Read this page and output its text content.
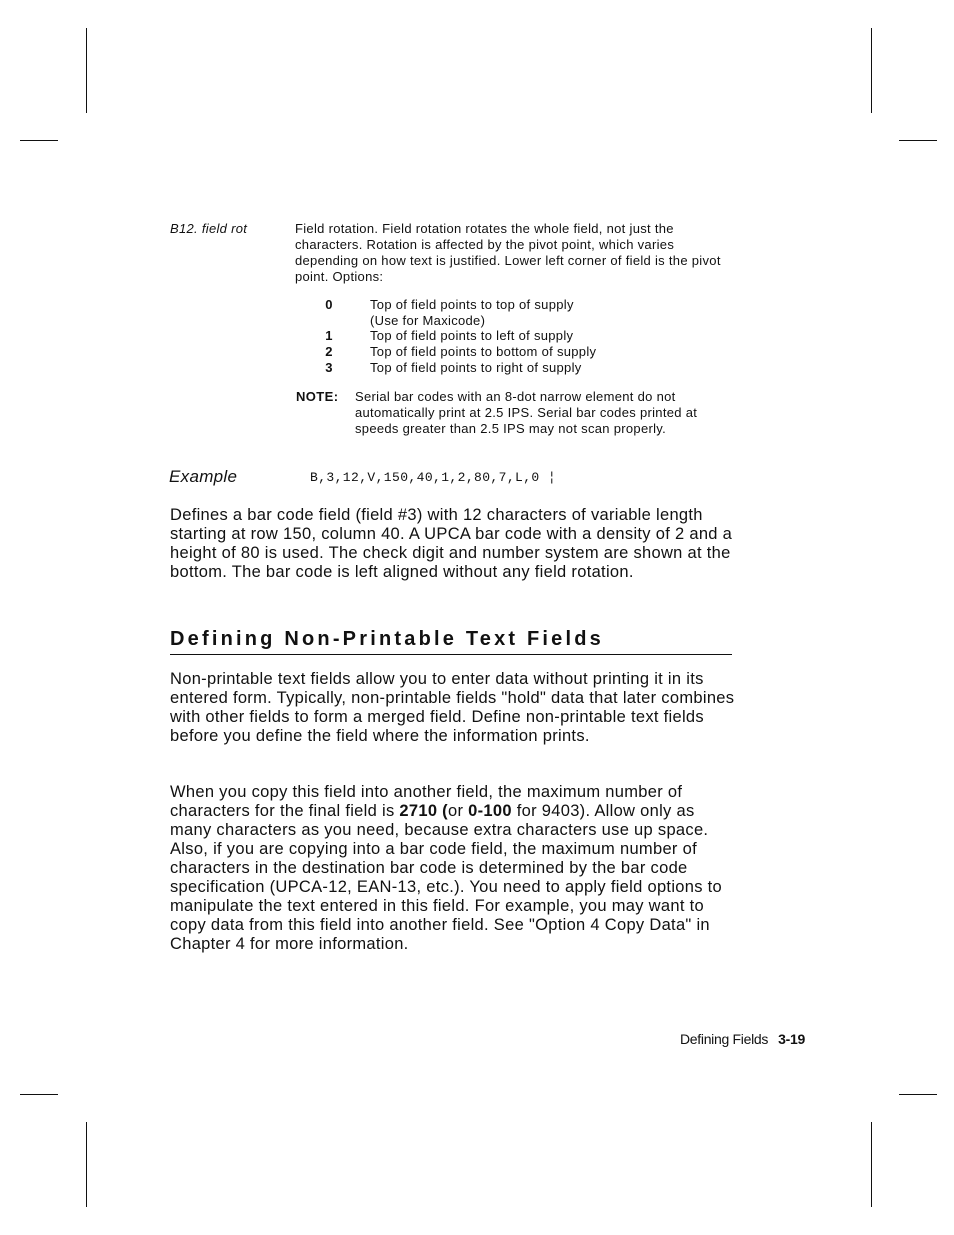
B12. field rot	Field rotation. Field rotation rotates the whole field, not just the characters. Rotation is affected by the pivot point, which varies depending on how text is justified. Lower left corner of field is the pivot point. Options:
0	Top of field points to top of supply
(Use for Maxicode)
1	Top of field points to left of supply
2	Top of field points to bottom of supply
3	Top of field points to right of supply
NOTE: Serial bar codes with an 8-dot narrow element do not automatically print at 2.5 IPS. Serial bar codes printed at speeds greater than 2.5 IPS may not scan properly.
Example	B,3,12,V,150,40,1,2,80,7,L,0 ¦
Defines a bar code field (field #3) with 12 characters of variable length starting at row 150, column 40. A UPCA bar code with a density of 2 and a height of 80 is used. The check digit and number system are shown at the bottom. The bar code is left aligned without any field rotation.
Defining Non-Printable Text Fields
Non-printable text fields allow you to enter data without printing it in its entered form. Typically, non-printable fields "hold" data that later combines with other fields to form a merged field. Define non-printable text fields before you define the field where the information prints.
When you copy this field into another field, the maximum number of characters for the final field is 2710 (or 0-100 for 9403). Allow only as many characters as you need, because extra characters use up space. Also, if you are copying into a bar code field, the maximum number of characters in the destination bar code is determined by the bar code specification (UPCA-12, EAN-13, etc.). You need to apply field options to manipulate the text entered in this field. For example, you may want to copy data from this field into another field. See "Option 4 Copy Data" in Chapter 4 for more information.
Defining Fields 3-19
